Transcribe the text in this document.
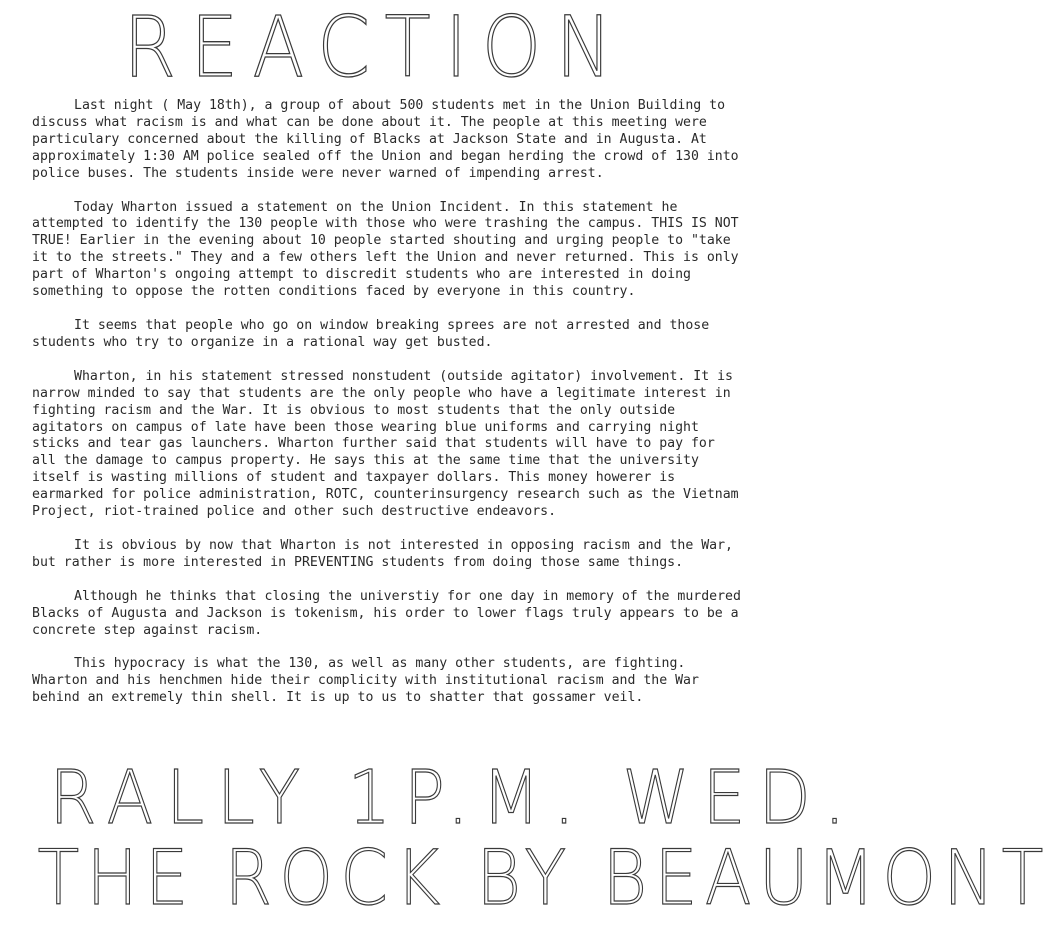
REACTION

Last night ( May 18th), a group of about 500 students met in the Union Building to discuss what racism is and what can be done about it. The people at this meeting were particulary concerned about the killing of Blacks at Jackson State and in Augusta. At approximately 1:30 AM police sealed off the Union and began herding the crowd of 130 into police buses. The students inside were never warned of impending arrest.

Today Wharton issued a statement on the Union Incident. In this statement he attempted to identify the 130 people with those who were trashing the campus. THIS IS NOT TRUE! Earlier in the evening about 10 people started shouting and urging people to "take it to the streets." They and a few others left the Union and never returned. This is only part of Wharton's ongoing attempt to discredit students who are interested in doing something to oppose the rotten conditions faced by everyone in this country.

It seems that people who go on window breaking sprees are not arrested and those students who try to organize in a rational way get busted.

Wharton, in his statement stressed nonstudent (outside agitator) involvement. It is narrow minded to say that students are the only people who have a legitimate interest in fighting racism and the War. It is obvious to most students that the only outside agitators on campus of late have been those wearing blue uniforms and carrying night sticks and tear gas launchers. Wharton further said that students will have to pay for all the damage to campus property. He says this at the same time that the university itself is wasting millions of student and taxpayer dollars. This money howerer is earmarked for police administration, ROTC, counterinsurgency research such as the Vietnam Project, riot-trained police and other such destructive endeavors.

It is obvious by now that Wharton is not interested in opposing racism and the War, but rather is more interested in PREVENTING students from doing those same things.

Although he thinks that closing the universtiy for one day in memory of the murdered Blacks of Augusta and Jackson is tokenism, his order to lower flags truly appears to be a concrete step against racism.

This hypocracy is what the 130, as well as many other students, are fighting. Wharton and his henchmen hide their complicity with institutional racism and the War behind an extremely thin shell. It is up to us to shatter that gossamer veil.

RALLY 1P.M. WED.
THE ROCK BY BEAUMONT
